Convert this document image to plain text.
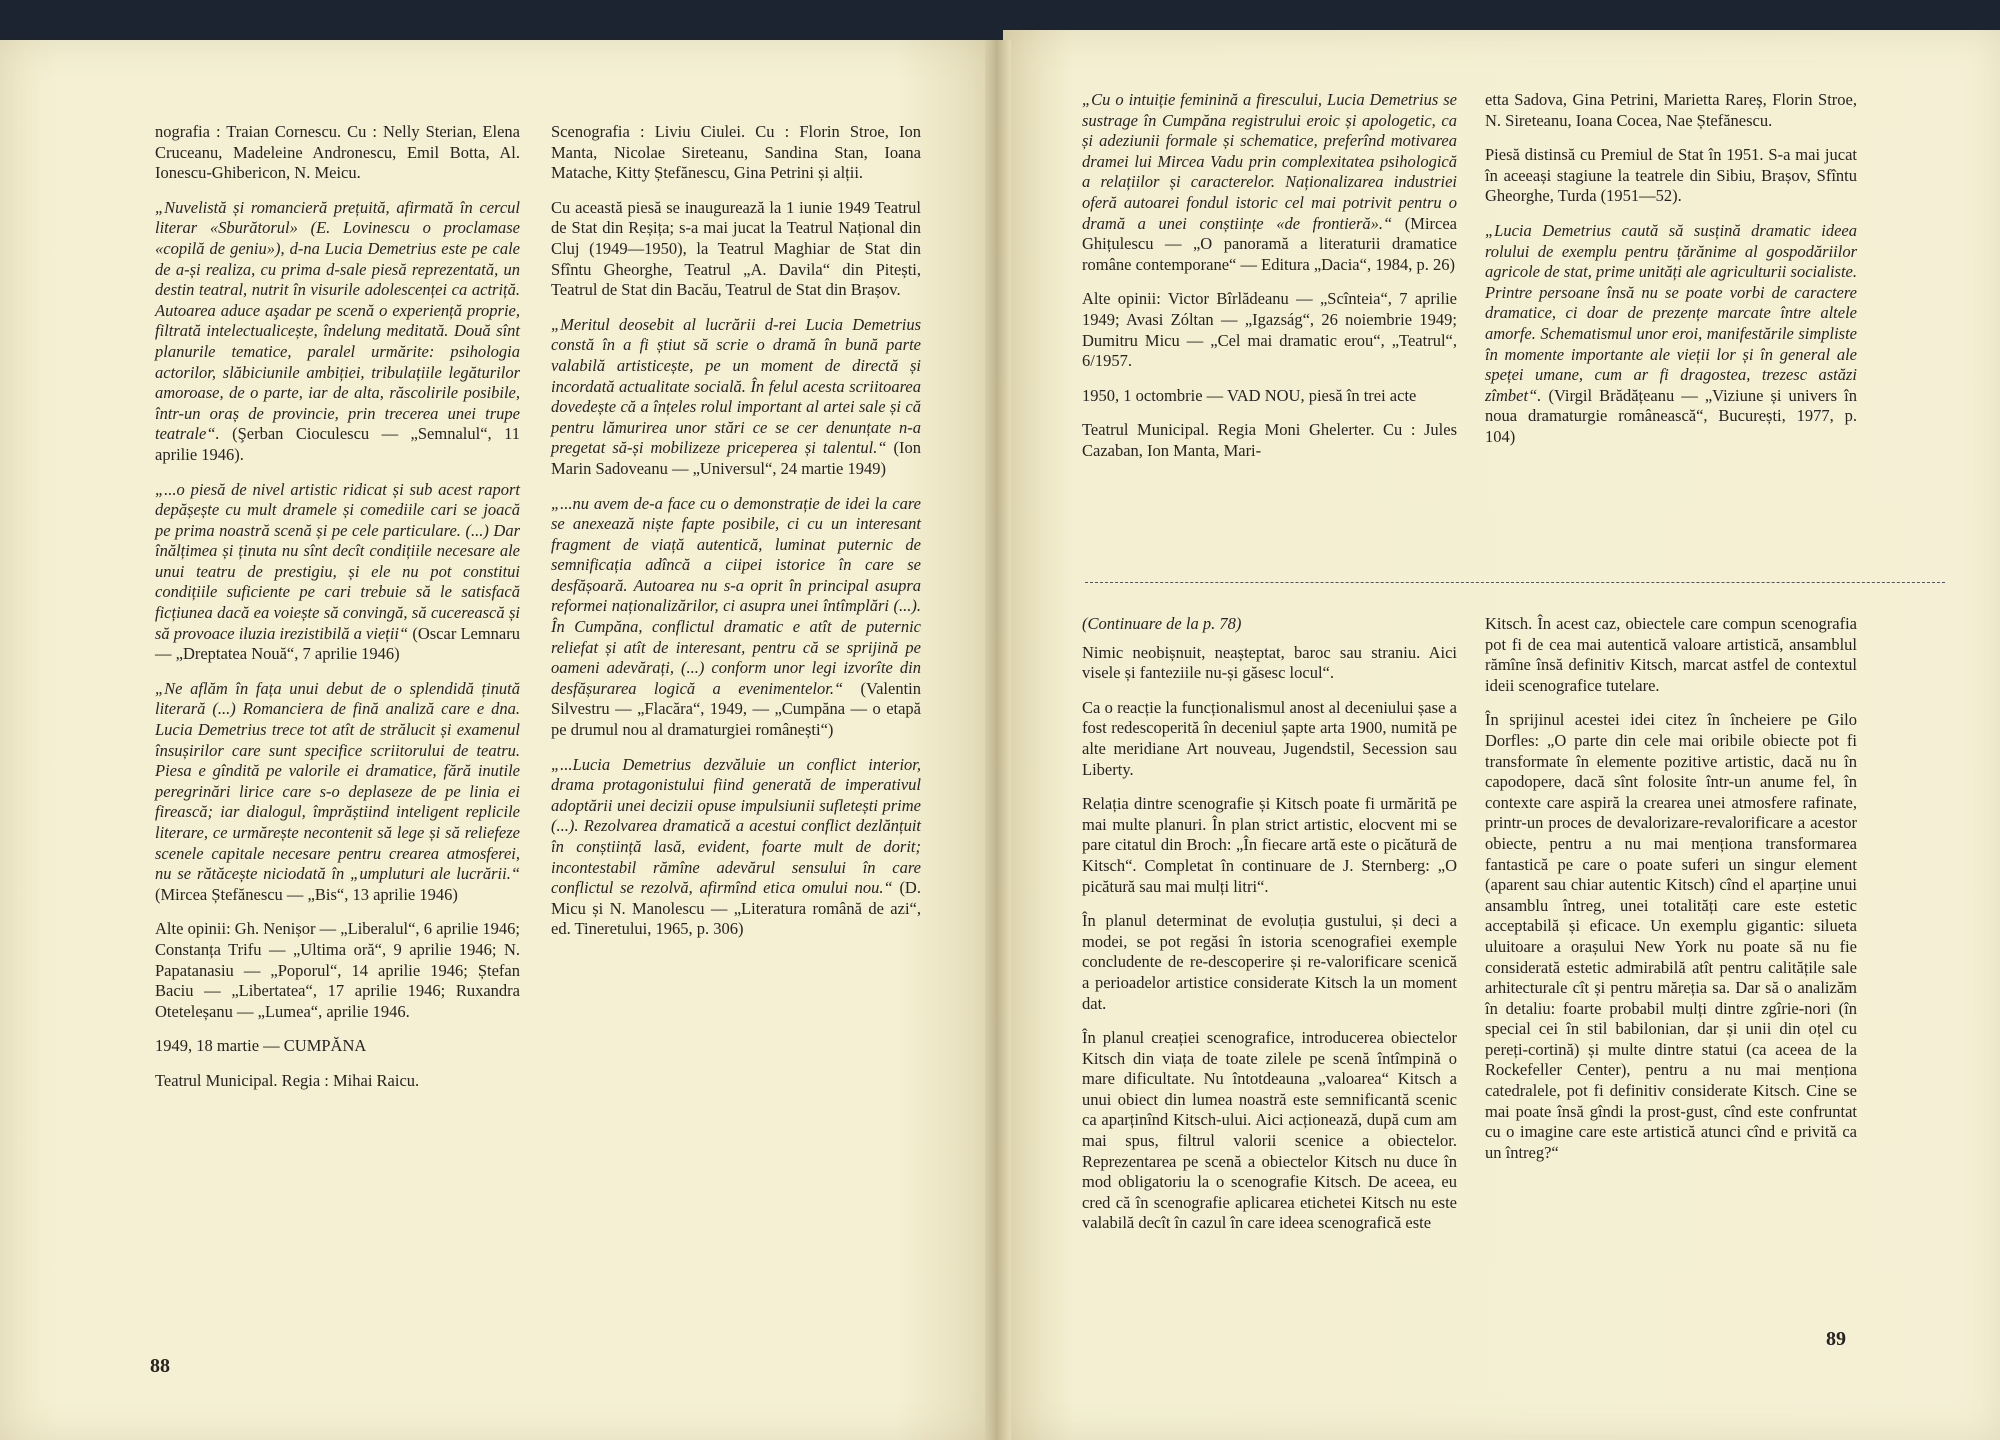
nografia : Traian Cornescu. Cu : Nelly Sterian, Elena Cruceanu, Madeleine Andronescu, Emil Botta, Al. Ionescu-Ghibericon, N. Meicu.

„Nuvelistă și romancieră prețuită, afirmată în cercul literar «Sburătorul» (E. Lovinescu o proclamase «copilă de geniu»), d-na Lucia Demetrius este pe cale de a-și realiza, cu prima d-sale piesă reprezentată, un destin teatral, nutrit în visurile adolescenței ca actriță. Autoarea aduce aşadar pe scenă o experiență proprie, filtrată intelectualicește, îndelung meditată. Două sînt planurile tematice, paralel urmărite: psihologia actorilor, slăbiciunile ambiției, tribulațiile legăturilor amoroase, de o parte, iar de alta, răscolirile posibile, într-un oraș de provincie, prin trecerea unei trupe teatrale“. (Şerban Cioculescu — „Semnalul“, 11 aprilie 1946).

„...o piesă de nivel artistic ridicat și sub acest raport depășește cu mult dramele și comediile cari se joacă pe prima noastră scenă și pe cele particulare. (...) Dar înălțimea și ținuta nu sînt decît condițiile necesare ale unui teatru de prestigiu, și ele nu pot constitui condițiile suficiente pe cari trebuie să le satisfacă ficțiunea dacă ea voiește să convingă, să cucerească și să provoace iluzia irezistibilă a vieții“ (Oscar Lemnaru — „Dreptatea Nouă“, 7 aprilie 1946)

„Ne aflăm în fața unui debut de o splendidă ținută literară (...) Romanciera de fină analiză care e dna. Lucia Demetrius trece tot atît de strălucit și examenul însușirilor care sunt specifice scriitorului de teatru. Piesa e gîndită pe valorile ei dramatice, fără inutile peregrinări lirice care s-o deplaseze de pe linia ei firească; iar dialogul, împrăștiind inteligent replicile literare, ce urmărește necontenit să lege și să reliefeze scenele capitale necesare pentru crearea atmosferei, nu se rătăcește niciodată în „umpluturi ale lucrării.“ (Mircea Ștefănescu — „Bis“, 13 aprilie 1946)

Alte opinii: Gh. Nenișor — „Liberalul“, 6 aprilie 1946; Constanța Trifu — „Ultima oră“, 9 aprilie 1946; N. Papatanasiu — „Poporul“, 14 aprilie 1946; Ștefan Baciu — „Libertatea“, 17 aprilie 1946; Ruxandra Oteteleșanu — „Lumea“, aprilie 1946.

1949, 18 martie — CUMPĂNA

Teatrul Municipal. Regia : Mihai Raicu.

Scenografia : Liviu Ciulei. Cu : Florin Stroe, Ion Manta, Nicolae Sireteanu, Sandina Stan, Ioana Matache, Kitty Ștefănescu, Gina Petrini și alții.

Cu această piesă se inaugurează la 1 iunie 1949 Teatrul de Stat din Reșița; s-a mai jucat la Teatrul Național din Cluj (1949—1950), la Teatrul Maghiar de Stat din Sfîntu Gheorghe, Teatrul „A. Davila“ din Pitești, Teatrul de Stat din Bacău, Teatrul de Stat din Brașov.

„Meritul deosebit al lucrării d-rei Lucia Demetrius constă în a fi știut să scrie o dramă în bună parte valabilă artisticește, pe un moment de directă și incordată actualitate socială. În felul acesta scriitoarea dovedește că a înțeles rolul important al artei sale și că pentru lămurirea unor stări ce se cer denunțate n-a pregetat să-și mobilizeze priceperea și talentul.“ (Ion Marin Sadoveanu — „Universul“, 24 martie 1949)

„...nu avem de-a face cu o demonstrație de idei la care se anexează niște fapte posibile, ci cu un interesant fragment de viață autentică, luminat puternic de semnificația adîncă a ciipei istorice în care se desfășoară. Autoarea nu s-a oprit în principal asupra reformei naționalizărilor, ci asupra unei întîmplări (...). În Cumpăna, conflictul dramatic e atît de puternic reliefat și atît de interesant, pentru că se sprijină pe oameni adevărați, (...) conform unor legi izvorîte din desfășurarea logică a evenimentelor.“ (Valentin Silvestru — „Flacăra“, 1949, — „Cumpăna — o etapă pe drumul nou al dramaturgiei românești“)

„...Lucia Demetrius dezvăluie un conflict interior, drama protagonistului fiind generată de imperativul adoptării unei decizii opuse impulsiunii sufletești prime (...). Rezolvarea dramatică a acestui conflict dezlănțuit în conștiință lasă, evident, foarte mult de dorit; incontestabil rămîne adevărul sensului în care conflictul se rezolvă, afirmînd etica omului nou.“ (D. Micu și N. Manolescu — „Literatura română de azi“, ed. Tineretului, 1965, p. 306)

88

„Cu o intuiție feminină a firescului, Lucia Demetrius se sustrage în Cumpăna registrului eroic și apologetic, ca și adeziunii formale și schematice, preferînd motivarea dramei lui Mircea Vadu prin complexitatea psihologică a relațiilor și caracterelor. Naționalizarea industriei oferă autoarei fondul istoric cel mai potrivit pentru o dramă a unei conștiințe «de frontieră».“ (Mircea Ghițulescu — „O panoramă a literaturii dramatice române contemporane“ — Editura „Dacia“, 1984, p. 26)

Alte opinii: Victor Bîrlădeanu — „Scînteia“, 7 aprilie 1949; Avasi Zóltan — „Igazság“, 26 noiembrie 1949; Dumitru Micu — „Cel mai dramatic erou“, „Teatrul“, 6/1957.

1950, 1 octombrie — VAD NOU, piesă în trei acte

Teatrul Municipal. Regia Moni Ghelerter. Cu : Jules Cazaban, Ion Manta, Mari-

etta Sadova, Gina Petrini, Marietta Rareș, Florin Stroe, N. Sireteanu, Ioana Cocea, Nae Ștefănescu.

Piesă distinsă cu Premiul de Stat în 1951. S-a mai jucat în aceeași stagiune la teatrele din Sibiu, Brașov, Sfîntu Gheorghe, Turda (1951—52).

„Lucia Demetrius caută să susțină dramatic ideea rolului de exemplu pentru țărănime al gospodăriilor agricole de stat, prime unități ale agriculturii socialiste. Printre persoane însă nu se poate vorbi de caractere dramatice, ci doar de prezențe marcate între altele amorfe. Schematismul unor eroi, manifestările simpliste în momente importante ale vieții lor și în general ale speței umane, cum ar fi dragostea, trezesc astăzi zîmbet“. (Virgil Brădățeanu — „Viziune și univers în noua dramaturgie românească“, București, 1977, p. 104)

(Continuare de la p. 78)

Nimic neobișnuit, neașteptat, baroc sau straniu. Aici visele și fanteziile nu-și găsesc locul“.

Ca o reacție la funcționalismul anost al deceniului șase a fost redescoperită în deceniul șapte arta 1900, numită pe alte meridiane Art nouveau, Jugendstil, Secession sau Liberty.

Relația dintre scenografie și Kitsch poate fi urmărită pe mai multe planuri. În plan strict artistic, elocvent mi se pare citatul din Broch: „În fiecare artă este o picătură de Kitsch“. Completat în continuare de J. Sternberg: „O picătură sau mai mulți litri“.

În planul determinat de evoluția gustului, și deci a modei, se pot regăsi în istoria scenografiei exemple concludente de re-descoperire și re-valorificare scenică a perioadelor artistice considerate Kitsch la un moment dat.

În planul creației scenografice, introducerea obiectelor Kitsch din viața de toate zilele pe scenă întîmpină o mare dificultate. Nu întotdeauna „valoarea“ Kitsch a unui obiect din lumea noastră este semnificantă scenic ca aparținînd Kitsch-ului. Aici acționează, după cum am mai spus, filtrul valorii scenice a obiectelor. Reprezentarea pe scenă a obiectelor Kitsch nu duce în mod obligatoriu la o scenografie Kitsch. De aceea, eu cred că în scenografie aplicarea etichetei Kitsch nu este valabilă decît în cazul în care ideea scenografică este

Kitsch. În acest caz, obiectele care compun scenografia pot fi de cea mai autentică valoare artistică, ansamblul rămîne însă definitiv Kitsch, marcat astfel de contextul ideii scenografice tutelare.

În sprijinul acestei idei citez în încheiere pe Gilo Dorfles: „O parte din cele mai oribile obiecte pot fi transformate în elemente pozitive artistic, dacă nu în capodopere, dacă sînt folosite într-un anume fel, în contexte care aspiră la crearea unei atmosfere rafinate, printr-un proces de devalorizare-revalorificare a acestor obiecte, pentru a nu mai menționa transformarea fantastică pe care o poate suferi un singur element (aparent sau chiar autentic Kitsch) cînd el aparține unui ansamblu întreg, unei totalități care este estetic acceptabilă și eficace. Un exemplu gigantic: silueta uluitoare a orașului New York nu poate să nu fie considerată estetic admirabilă atît pentru calitățile sale arhitecturale cît și pentru măreția sa. Dar să o analizăm în detaliu: foarte probabil mulți dintre zgîrie-nori (în special cei în stil babilonian, dar și unii din oțel cu pereți-cortină) și multe dintre statui (ca aceea de la Rockefeller Center), pentru a nu mai menționa catedralele, pot fi definitiv considerate Kitsch. Cine se mai poate însă gîndi la prost-gust, cînd este confruntat cu o imagine care este artistică atunci cînd e privită ca un întreg?“

89
